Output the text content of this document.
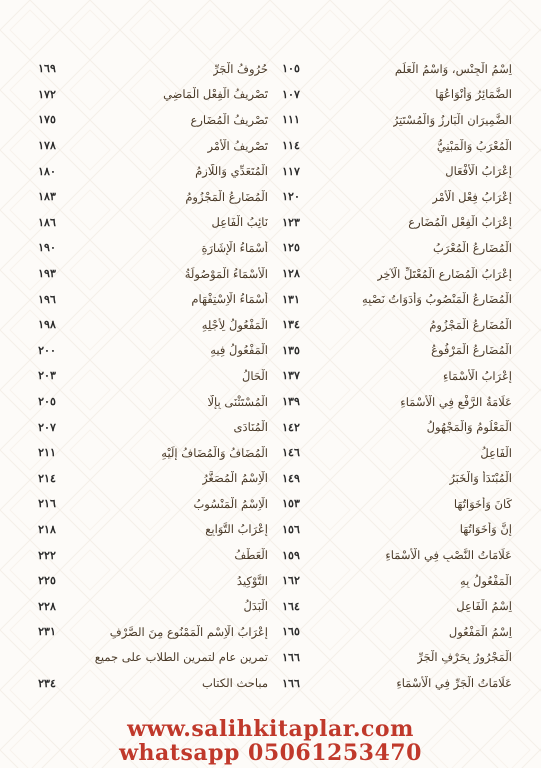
اِسْمُ الْجِنْسِ، وَاسْمُ الْعَلَمِ
١٠٥
الضَّمَائِرُ وَأَنْوَاعُهَا
١٠٧
الضَّمِيرَانِ الْبَارِزُ وَالْمُسْتَتِرُ
١١١
الْمُعْرَبُ وَالْمَبْنِيُّ
١١٤
إِعْرَابُ الْأَفْعَالِ
١١٧
إِعْرَابُ فِعْلِ الْأَمْرِ
١٢٠
إِعْرَابُ الْفِعْلِ الْمُضَارِعِ
١٢٣
الْمُضَارِعُ الْمُعْرَبُ
١٢٥
إِعْرَابُ الْمُضَارِعِ الْمُعْتَلِّ الْآخِرِ
١٢٨
الْمُضَارِعُ الْمَنْصُوبُ وَأَدَوَاتُ نَصْبِهِ
١٣١
الْمُضَارِعُ الْمَجْزُومُ
١٣٤
الْمُضَارِعُ الْمَرْفُوعُ
١٣٥
إِعْرَابُ الْأَسْمَاءِ
١٣٧
عَلَامَةُ الرَّفْعِ فِي الْأَسْمَاءِ
١٣٩
الْمَعْلُومُ وَالْمَجْهُولُ
١٤٢
الْفَاعِلُ
١٤٦
الْمُبْتَدَأُ وَالْخَبَرُ
١٤٩
كَانَ وَأَخَوَاتُهَا
١٥٣
إِنَّ وَأَخَوَاتُهَا
١٥٦
عَلَامَاتُ النَّصْبِ فِي الْأَسْمَاءِ
١٥٩
الْمَفْعُولُ بِهِ
١٦٢
اِسْمُ الْفَاعِلِ
١٦٤
اِسْمُ الْمَفْعُولِ
١٦٥
الْمَجْرُورُ بِحَرْفِ الْجَرِّ
١٦٦
عَلَامَاتُ الْجَرِّ فِي الْأَسْمَاءِ
١٦٦
حُرُوفُ الْجَرِّ
١٦٩
تَصْرِيفُ الْفِعْلِ الْمَاضِي
١٧٢
تَصْرِيفُ الْمُضَارِعِ
١٧٥
تَصْرِيفُ الْأَمْرِ
١٧٨
الْمُتَعَدِّي وَاللَّازِمُ
١٨٠
الْمُضَارِعُ الْمَجْزُومُ
١٨٣
نَائِبُ الْفَاعِلِ
١٨٦
أَسْمَاءُ الْإِشَارَةِ
١٩٠
الْأَسْمَاءُ الْمَوْصُولَةُ
١٩٣
أَسْمَاءُ الْاِسْتِفْهَامِ
١٩٦
الْمَفْعُولُ لِأَجْلِهِ
١٩٨
الْمَفْعُولُ فِيهِ
٢٠٠
الْحَالُ
٢٠٣
الْمُسْتَثْنَى بِإِلَّا
٢٠٥
الْمُنَادَى
٢٠٧
الْمُضَافُ وَالْمُضَافُ إِلَيْهِ
٢١١
الْاِسْمُ الْمُصَغَّرُ
٢١٤
الْاِسْمُ الْمَنْسُوبُ
٢١٦
إِعْرَابُ التَّوَابِعِ
٢١٨
الْعَطْفُ
٢٢٢
التَّوْكِيدُ
٢٢٥
الْبَدَلُ
٢٢٨
إِعْرَابُ الْاِسْمِ الْمَمْنُوعِ مِنَ الصَّرْفِ
٢٣١
تمرين عام لتمرين الطلاب على جميع
مباحث الكتاب
٢٣٤
www.salihkitaplar.com
whatsapp 05061253470
